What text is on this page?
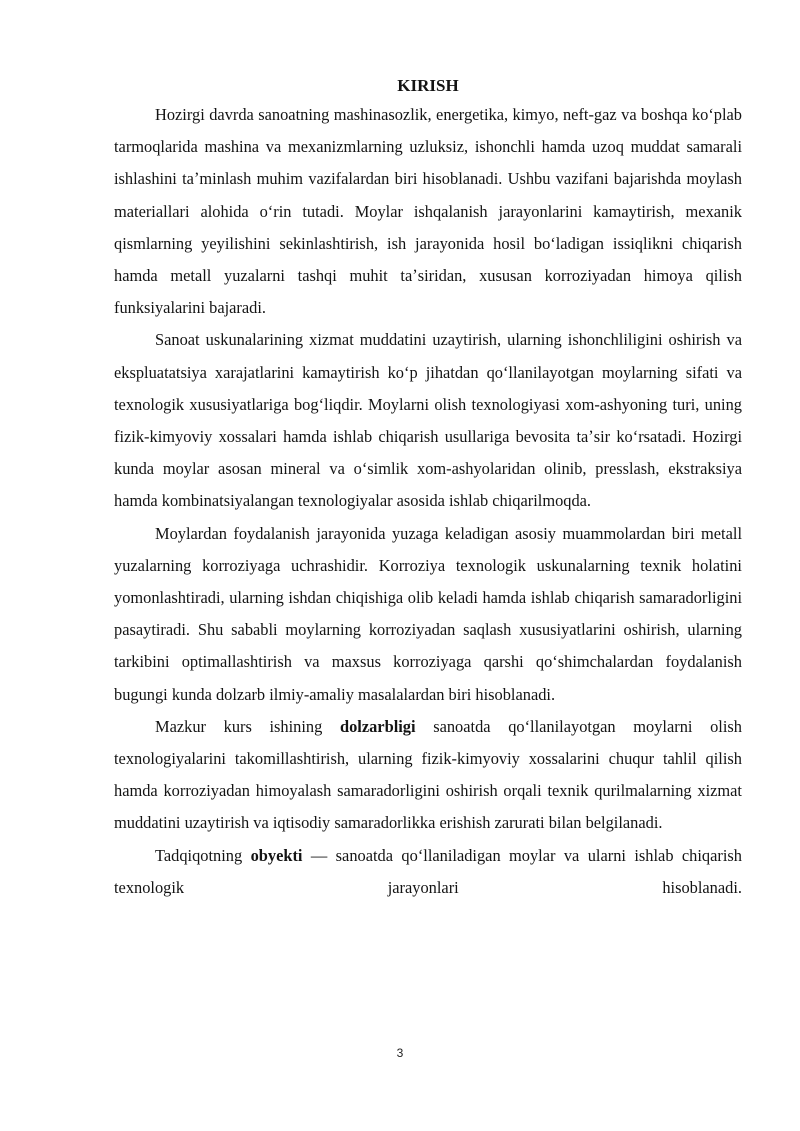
KIRISH

Hozirgi davrda sanoatning mashinasozlik, energetika, kimyo, neft-gaz va boshqa koʻplab tarmoqlarida mashina va mexanizmlarning uzluksiz, ishonchli hamda uzoq muddat samarali ishlashini taʼminlash muhim vazifalardan biri hisoblanadi. Ushbu vazifani bajarishda moylash materiallari alohida oʻrin tutadi. Moylar ishqalanish jarayonlarini kamaytirish, mexanik qismlarning yeyilishini sekinlashtirish, ish jarayonida hosil boʻladigan issiqlikni chiqarish hamda metall yuzalarni tashqi muhit taʼsiridan, xususan korroziyadan himoya qilish funksiyalarini bajaradi.

Sanoat uskunalarining xizmat muddatini uzaytirish, ularning ishonchliligini oshirish va ekspluatatsiya xarajatlarini kamaytirish koʻp jihatdan qoʻllanilayotgan moylarning sifati va texnologik xususiyatlariga bogʻliqdir. Moylarni olish texnologiyasi xom-ashyoning turi, uning fizik-kimyoviy xossalari hamda ishlab chiqarish usullariga bevosita taʼsir koʻrsatadi. Hozirgi kunda moylar asosan mineral va oʻsimlik xom-ashyolaridan olinib, presslash, ekstraksiya hamda kombinatsiyalangan texnologiyalar asosida ishlab chiqarilmoqda.

Moylardan foydalanish jarayonida yuzaga keladigan asosiy muammolardan biri metall yuzalarning korroziyaga uchrashidir. Korroziya texnologik uskunalarning texnik holatini yomonlashtiradi, ularning ishdan chiqishiga olib keladi hamda ishlab chiqarish samaradorligini pasaytiradi. Shu sababli moylarning korroziyadan saqlash xususiyatlarini oshirish, ularning tarkibini optimallashtirish va maxsus korroziyaga qarshi qoʻshimchalardan foydalanish bugungi kunda dolzarb ilmiy-amaliy masalalardan biri hisoblanadi.

Mazkur kurs ishining dolzarbligi sanoatda qoʻllanilayotgan moylarni olish texnologiyalarini takomillashtirish, ularning fizik-kimyoviy xossalarini chuqur tahlil qilish hamda korroziyadan himoyalash samaradorligini oshirish orqali texnik qurilmalarning xizmat muddatini uzaytirish va iqtisodiy samaradorlikka erishish zarurati bilan belgilanadi.

Tadqiqotning obyekti — sanoatda qoʻllaniladigan moylar va ularni ishlab chiqarish texnologik jarayonlari hisoblanadi.

3
